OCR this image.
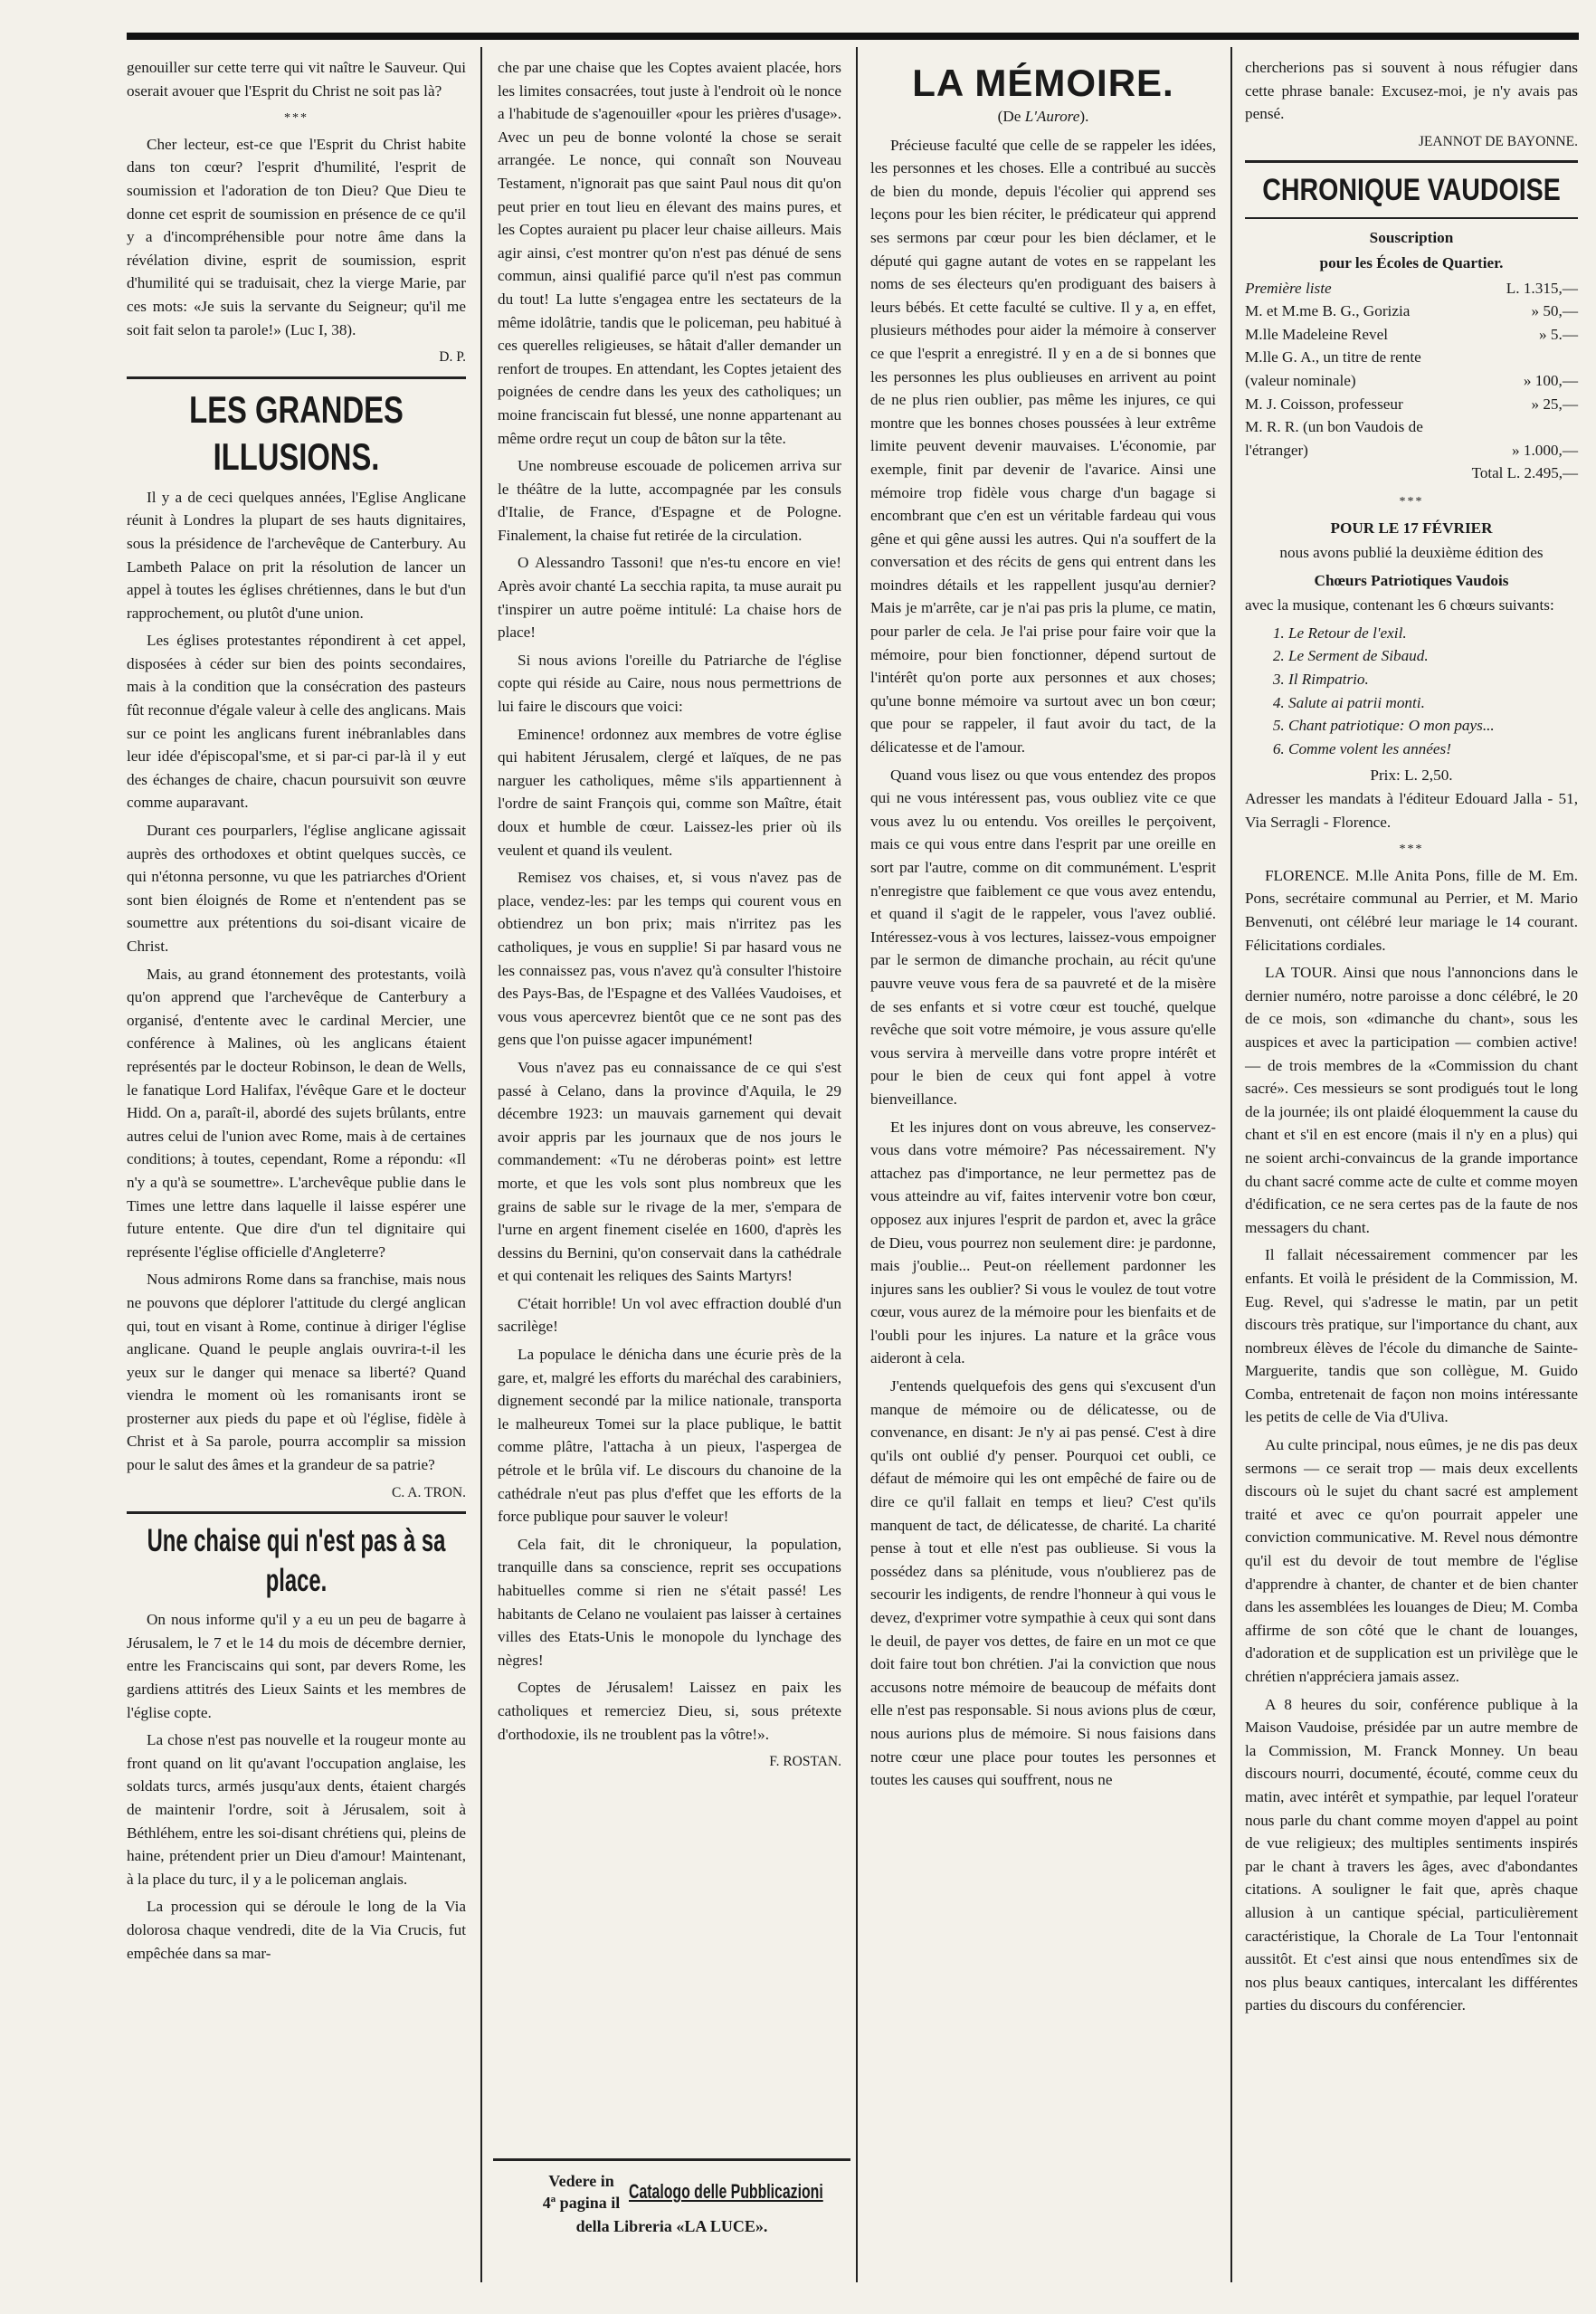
genouiller sur cette terre qui vit naître le Sauveur. Qui oserait avouer que l'Esprit du Christ ne soit pas là?

***

Cher lecteur, est-ce que l'Esprit du Christ habite dans ton cœur? l'esprit d'humilité, l'esprit de soumission et l'adoration de ton Dieu? Que Dieu te donne cet esprit de soumission en présence de ce qu'il y a d'incompréhensible pour notre âme dans la révélation divine, esprit de soumission, esprit d'humilité qui se traduisait, chez la vierge Marie, par ces mots: «Je suis la servante du Seigneur; qu'il me soit fait selon ta parole!» (Luc I, 38).

D. P.
LES GRANDES ILLUSIONS.

Il y a de ceci quelques années, l'Eglise Anglicane réunit à Londres la plupart de ses hauts dignitaires, sous la présidence de l'archevêque de Canterbury. Au Lambeth Palace on prit la résolution de lancer un appel à toutes les églises chrétiennes, dans le but d'un rapprochement, ou plutôt d'une union.

Les églises protestantes répondirent à cet appel, disposées à céder sur bien des points secondaires, mais à la condition que la consécration des pasteurs fût reconnue d'égale valeur à celle des anglicans. Mais sur ce point les anglicans furent inébranlables dans leur idée d'épiscopal'sme, et si par-ci par-là il y eut des échanges de chaire, chacun poursuivit son œuvre comme auparavant.

Durant ces pourparlers, l'église anglicane agissait auprès des orthodoxes et obtint quelques succès, ce qui n'étonna personne, vu que les patriarches d'Orient sont bien éloignés de Rome et n'entendent pas se soumettre aux prétentions du soi-disant vicaire de Christ.

Mais, au grand étonnement des protestants, voilà qu'on apprend que l'archevêque de Canterbury a organisé, d'entente avec le cardinal Mercier, une conférence à Malines, où les anglicans étaient représentés par le docteur Robinson, le dean de Wells, le fanatique Lord Halifax, l'évêque Gare et le docteur Hidd. On a, paraît-il, abordé des sujets brûlants, entre autres celui de l'union avec Rome, mais à de certaines conditions; à toutes, cependant, Rome a répondu: «Il n'y a qu'à se soumettre». L'archevêque publie dans le Times une lettre dans laquelle il laisse espérer une future entente. Que dire d'un tel dignitaire qui représente l'église officielle d'Angleterre?

Nous admirons Rome dans sa franchise, mais nous ne pouvons que déplorer l'attitude du clergé anglican qui, tout en visant à Rome, continue à diriger l'église anglicane. Quand le peuple anglais ouvrira-t-il les yeux sur le danger qui menace sa liberté? Quand viendra le moment où les romanisants iront se prosterner aux pieds du pape et où l'église, fidèle à Christ et à Sa parole, pourra accomplir sa mission pour le salut des âmes et la grandeur de sa patrie?

C. A. TRON.
Une chaise qui n'est pas à sa place.

On nous informe qu'il y a eu un peu de bagarre à Jérusalem, le 7 et le 14 du mois de décembre dernier, entre les Franciscains qui sont, par devers Rome, les gardiens attitrés des Lieux Saints et les membres de l'église copte.

La chose n'est pas nouvelle et la rougeur monte au front quand on lit qu'avant l'occupation anglaise, les soldats turcs, armés jusqu'aux dents, étaient chargés de maintenir l'ordre, soit à Jérusalem, soit à Béthléhem, entre les soi-disant chrétiens qui, pleins de haine, prétendent prier un Dieu d'amour! Maintenant, à la place du turc, il y a le policeman anglais.

La procession qui se déroule le long de la Via dolorosa chaque vendredi, dite de la Via Crucis, fut empêchée dans sa mar-

che par une chaise que les Coptes avaient placée, hors les limites consacrées, tout juste à l'endroit où le nonce a l'habitude de s'agenouiller «pour les prières d'usage». Avec un peu de bonne volonté la chose se serait arrangée. Le nonce, qui connaît son Nouveau Testament, n'ignorait pas que saint Paul nous dit qu'on peut prier en tout lieu en élevant des mains pures, et les Coptes auraient pu placer leur chaise ailleurs. Mais agir ainsi, c'est montrer qu'on n'est pas dénué de sens commun, ainsi qualifié parce qu'il n'est pas commun du tout! La lutte s'engagea entre les sectateurs de la même idolâtrie, tandis que le policeman, peu habitué à ces querelles religieuses, se hâtait d'aller demander un renfort de troupes. En attendant, les Coptes jetaient des poignées de cendre dans les yeux des catholiques; un moine franciscain fut blessé, une nonne appartenant au même ordre reçut un coup de bâton sur la tête.

Une nombreuse escouade de policemen arriva sur le théâtre de la lutte, accompagnée par les consuls d'Italie, de France, d'Espagne et de Pologne. Finalement, la chaise fut retirée de la circulation.

O Alessandro Tassoni! que n'es-tu encore en vie! Après avoir chanté La secchia rapita, ta muse aurait pu t'inspirer un autre poëme intitulé: La chaise hors de place!

Si nous avions l'oreille du Patriarche de l'église copte qui réside au Caire, nous nous permettrions de lui faire le discours que voici:

Eminence! ordonnez aux membres de votre église qui habitent Jérusalem, clergé et laïques, de ne pas narguer les catholiques, même s'ils appartiennent à l'ordre de saint François qui, comme son Maître, était doux et humble de cœur. Laissez-les prier où ils veulent et quand ils veulent.

Remisez vos chaises, et, si vous n'avez pas de place, vendez-les: par les temps qui courent vous en obtiendrez un bon prix; mais n'irritez pas les catholiques, je vous en supplie! Si par hasard vous ne les connaissez pas, vous n'avez qu'à consulter l'histoire des Pays-Bas, de l'Espagne et des Vallées Vaudoises, et vous vous apercevrez bientôt que ce ne sont pas des gens que l'on puisse agacer impunément!

Vous n'avez pas eu connaissance de ce qui s'est passé à Celano, dans la province d'Aquila, le 29 décembre 1923: un mauvais garnement qui devait avoir appris par les journaux que de nos jours le commandement: «Tu ne déroberas point» est lettre morte, et que les vols sont plus nombreux que les grains de sable sur le rivage de la mer, s'empara de l'urne en argent finement ciselée en 1600, d'après les dessins du Bernini, qu'on conservait dans la cathédrale et qui contenait les reliques des Saints Martyrs!

C'était horrible! Un vol avec effraction doublé d'un sacrilège!

La populace le dénicha dans une écurie près de la gare, et, malgré les efforts du maréchal des carabiniers, dignement secondé par la milice nationale, transporta le malheureux Tomei sur la place publique, le battit comme plâtre, l'attacha à un pieux, l'aspergea de pétrole et le brûla vif. Le discours du chanoine de la cathédrale n'eut pas plus d'effet que les efforts de la force publique pour sauver le voleur!

Cela fait, dit le chroniqueur, la population, tranquille dans sa conscience, reprit ses occupations habituelles comme si rien ne s'était passé! Les habitants de Celano ne voulaient pas laisser à certaines villes des Etats-Unis le monopole du lynchage des nègres!

Coptes de Jérusalem! Laissez en paix les catholiques et remerciez Dieu, si, sous prétexte d'orthodoxie, ils ne troublent pas la vôtre!».

F. ROSTAN.
Vedere in
4ª pagina il Catalogo delle Pubblicazioni
della Libreria «LA LUCE».
LA MÉMOIRE.
(De L'Aurore).

Précieuse faculté que celle de se rappeler les idées, les personnes et les choses. Elle a contribué au succès de bien du monde, depuis l'écolier qui apprend ses leçons pour les bien réciter, le prédicateur qui apprend ses sermons par cœur pour les bien déclamer, et le député qui gagne autant de votes en se rappelant les noms de ses électeurs qu'en prodiguant des baisers à leurs bébés. Et cette faculté se cultive. Il y a, en effet, plusieurs méthodes pour aider la mémoire à conserver ce que l'esprit a enregistré. Il y en a de si bonnes que les personnes les plus oublieuses en arrivent au point de ne plus rien oublier, pas même les injures, ce qui montre que les bonnes choses poussées à leur extrême limite peuvent devenir mauvaises. L'économie, par exemple, finit par devenir de l'avarice. Ainsi une mémoire trop fidèle vous charge d'un bagage si encombrant que c'en est un véritable fardeau qui vous gêne et qui gêne aussi les autres. Qui n'a souffert de la conversation et des récits de gens qui entrent dans les moindres détails et les rappellent jusqu'au dernier? Mais je m'arrête, car je n'ai pas pris la plume, ce matin, pour parler de cela. Je l'ai prise pour faire voir que la mémoire, pour bien fonctionner, dépend surtout de l'intérêt qu'on porte aux personnes et aux choses; qu'une bonne mémoire va surtout avec un bon cœur; que pour se rappeler, il faut avoir du tact, de la délicatesse et de l'amour.

Quand vous lisez ou que vous entendez des propos qui ne vous intéressent pas, vous oubliez vite ce que vous avez lu ou entendu. Vos oreilles le perçoivent, mais ce qui vous entre dans l'esprit par une oreille en sort par l'autre, comme on dit communément. L'esprit n'enregistre que faiblement ce que vous avez entendu, et quand il s'agit de le rappeler, vous l'avez oublié. Intéressez-vous à vos lectures, laissez-vous empoigner par le sermon de dimanche prochain, au récit qu'une pauvre veuve vous fera de sa pauvreté et de la misère de ses enfants et si votre cœur est touché, quelque revêche que soit votre mémoire, je vous assure qu'elle vous servira à merveille dans votre propre intérêt et pour le bien de ceux qui font appel à votre bienveillance.

Et les injures dont on vous abreuve, les conservez-vous dans votre mémoire? Pas nécessairement. N'y attachez pas d'importance, ne leur permettez pas de vous atteindre au vif, faites intervenir votre bon cœur, opposez aux injures l'esprit de pardon et, avec la grâce de Dieu, vous pourrez non seulement dire: je pardonne, mais j'oublie... Peut-on réellement pardonner les injures sans les oublier? Si vous le voulez de tout votre cœur, vous aurez de la mémoire pour les bienfaits et de l'oubli pour les injures. La nature et la grâce vous aideront à cela.

J'entends quelquefois des gens qui s'excusent d'un manque de mémoire ou de délicatesse, ou de convenance, en disant: Je n'y ai pas pensé. C'est à dire qu'ils ont oublié d'y penser. Pourquoi cet oubli, ce défaut de mémoire qui les ont empêché de faire ou de dire ce qu'il fallait en temps et lieu? C'est qu'ils manquent de tact, de délicatesse, de charité. La charité pense à tout et elle n'est pas oublieuse. Si vous la possédez dans sa plénitude, vous n'oublierez pas de secourir les indigents, de rendre l'honneur à qui vous le devez, d'exprimer votre sympathie à ceux qui sont dans le deuil, de payer vos dettes, de faire en un mot ce que doit faire tout bon chrétien. J'ai la conviction que nous accusons notre mémoire de beaucoup de méfaits dont elle n'est pas responsable. Si nous avions plus de cœur, nous aurions plus de mémoire. Si nous faisions dans notre cœur une place pour toutes les personnes et toutes les causes qui souffrent, nous ne

chercherions pas si souvent à nous réfugier dans cette phrase banale: Excusez-moi, je n'y avais pas pensé.

JEANNOT DE BAYONNE.
CHRONIQUE VAUDOISE
Souscription
pour les Écoles de Quartier.
Première liste	L. 1.315,—
M. et M.me B. G., Gorizia	» 50,—
M.lle Madeleine Revel	» 5.—
M.lle G. A., un titre de rente
(valeur nominale)	» 100,—
M. J. Coisson, professeur	» 25,—
M. R. R. (un bon Vaudois de
l'étranger)	» 1.000,—
Total L. 2.495,—
***
POUR LE 17 FÉVRIER

nous avons publié la deuxième édition des

Chœurs Patriotiques Vaudois

avec la musique, contenant les 6 chœurs suivants:

1. Le Retour de l'exil.
2. Le Serment de Sibaud.
3. Il Rimpatrio.
4. Salute ai patrii monti.
5. Chant patriotique: O mon pays...
6. Comme volent les années!
Prix: L. 2,50.

Adresser les mandats à l'éditeur Edouard Jalla - 51, Via Serragli - Florence.

***

FLORENCE. M.lle Anita Pons, fille de M. Em. Pons, secrétaire communal au Perrier, et M. Mario Benvenuti, ont célébré leur mariage le 14 courant. Félicitations cordiales.

LA TOUR. Ainsi que nous l'annoncions dans le dernier numéro, notre paroisse a donc célébré, le 20 de ce mois, son «dimanche du chant», sous les auspices et avec la participation — combien active! — de trois membres de la «Commission du chant sacré». Ces messieurs se sont prodigués tout le long de la journée; ils ont plaidé éloquemment la cause du chant et s'il en est encore (mais il n'y en a plus) qui ne soient archi-convaincus de la grande importance du chant sacré comme acte de culte et comme moyen d'édification, ce ne sera certes pas de la faute de nos messagers du chant.

Il fallait nécessairement commencer par les enfants. Et voilà le président de la Commission, M. Eug. Revel, qui s'adresse le matin, par un petit discours très pratique, sur l'importance du chant, aux nombreux élèves de l'école du dimanche de Sainte-Marguerite, tandis que son collègue, M. Guido Comba, entretenait de façon non moins intéressante les petits de celle de Via d'Uliva.

Au culte principal, nous eûmes, je ne dis pas deux sermons — ce serait trop — mais deux excellents discours où le sujet du chant sacré est amplement traité et avec ce qu'on pourrait appeler une conviction communicative. M. Revel nous démontre qu'il est du devoir de tout membre de l'église d'apprendre à chanter, de chanter et de bien chanter dans les assemblées les louanges de Dieu; M. Comba affirme de son côté que le chant de louanges, d'adoration et de supplication est un privilège que le chrétien n'appréciera jamais assez.

A 8 heures du soir, conférence publique à la Maison Vaudoise, présidée par un autre membre de la Commission, M. Franck Monney. Un beau discours nourri, documenté, écouté, comme ceux du matin, avec intérêt et sympathie, par lequel l'orateur nous parle du chant comme moyen d'appel au point de vue religieux; des multiples sentiments inspirés par le chant à travers les âges, avec d'abondantes citations. A souligner le fait que, après chaque allusion à un cantique spécial, particulièrement caractéristique, la Chorale de La Tour l'entonnait aussitôt. Et c'est ainsi que nous entendîmes six de nos plus beaux cantiques, intercalant les différentes parties du discours du conférencier.
